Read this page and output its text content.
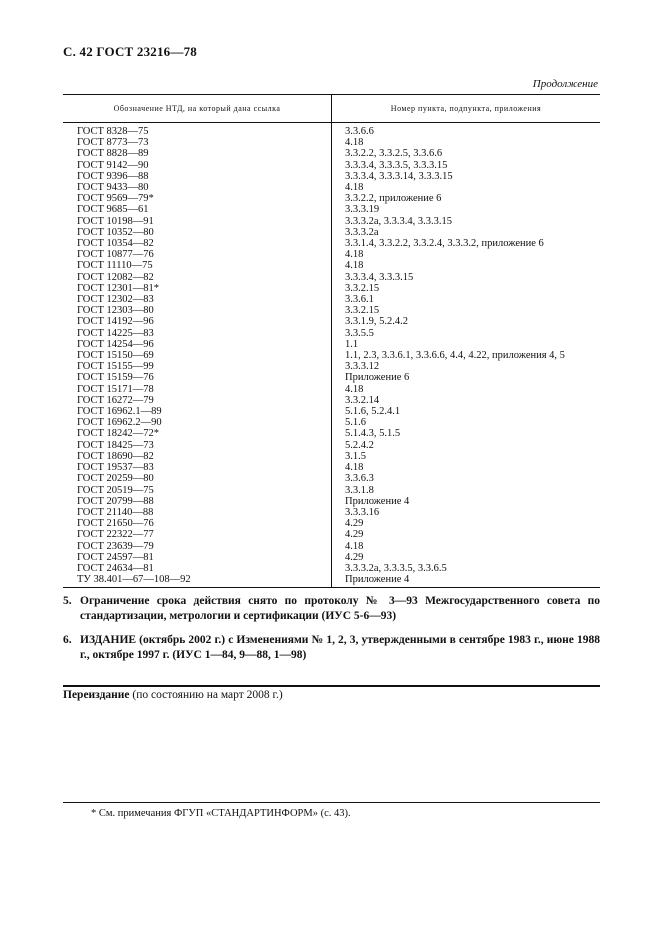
С. 42 ГОСТ 23216—78
Продолжение
Обозначение НТД, на который дана ссылка	Номер пункта, подпункта, приложения
ГОСТ 8328—75	3.3.6.6
ГОСТ 8773—73	4.18
ГОСТ 8828—89	3.3.2.2, 3.3.2.5, 3.3.6.6
ГОСТ 9142—90	3.3.3.4, 3.3.3.5, 3.3.3.15
ГОСТ 9396—88	3.3.3.4, 3.3.3.14, 3.3.3.15
ГОСТ 9433—80	4.18
ГОСТ 9569—79*	3.3.2.2, приложение 6
ГОСТ 9685—61	3.3.3.19
ГОСТ 10198—91	3.3.3.2а, 3.3.3.4, 3.3.3.15
ГОСТ 10352—80	3.3.3.2а
ГОСТ 10354—82	3.3.1.4, 3.3.2.2, 3.3.2.4, 3.3.3.2, приложение 6
ГОСТ 10877—76	4.18
ГОСТ 11110—75	4.18
ГОСТ 12082—82	3.3.3.4, 3.3.3.15
ГОСТ 12301—81*	3.3.2.15
ГОСТ 12302—83	3.3.6.1
ГОСТ 12303—80	3.3.2.15
ГОСТ 14192—96	3.3.1.9, 5.2.4.2
ГОСТ 14225—83	3.3.5.5
ГОСТ 14254—96	1.1
ГОСТ 15150—69	1.1, 2.3, 3.3.6.1, 3.3.6.6, 4.4, 4.22, приложения 4, 5
ГОСТ 15155—99	3.3.3.12
ГОСТ 15159—76	Приложение 6
ГОСТ 15171—78	4.18
ГОСТ 16272—79	3.3.2.14
ГОСТ 16962.1—89	5.1.6, 5.2.4.1
ГОСТ 16962.2—90	5.1.6
ГОСТ 18242—72*	5.1.4.3, 5.1.5
ГОСТ 18425—73	5.2.4.2
ГОСТ 18690—82	3.1.5
ГОСТ 19537—83	4.18
ГОСТ 20259—80	3.3.6.3
ГОСТ 20519—75	3.3.1.8
ГОСТ 20799—88	Приложение 4
ГОСТ 21140—88	3.3.3.16
ГОСТ 21650—76	4.29
ГОСТ 22322—77	4.29
ГОСТ 23639—79	4.18
ГОСТ 24597—81	4.29
ГОСТ 24634—81	3.3.3.2а, 3.3.3.5, 3.3.6.5
ТУ 38.401—67—108—92	Приложение 4
5. Ограничение срока действия снято по протоколу № 3—93 Межгосударственного совета по стандартизации, метрологии и сертификации (ИУС 5-6—93)
6. ИЗДАНИЕ (октябрь 2002 г.) с Изменениями № 1, 2, 3, утвержденными в сентябре 1983 г., июне 1988 г., октябре 1997 г. (ИУС 1—84, 9—88, 1—98)
Переиздание (по состоянию на март 2008 г.)
* См. примечания ФГУП «СТАНДАРТИНФОРМ» (с. 43).
